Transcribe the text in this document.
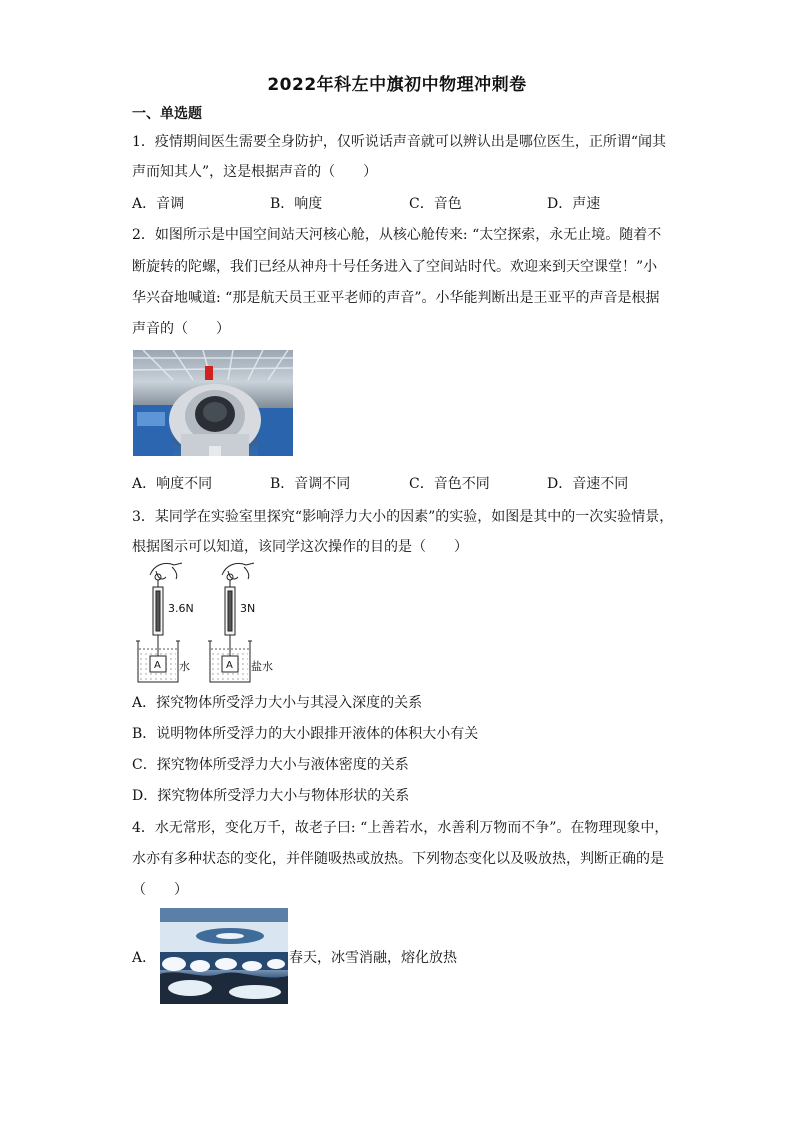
2022年科左中旗初中物理冲刺卷
一、单选题
1．疫情期间医生需要全身防护，仅听说话声音就可以辨认出是哪位医生，正所谓“闻其
声而知其人”，这是根据声音的（　　）
A．音调	B．响度	C．音色	D．声速
2．如图所示是中国空间站天河核心舱，从核心舱传来: “太空探索，永无止境。随着不
断旋转的陀螺，我们已经从神舟十号任务进入了空间站时代。欢迎来到天空课堂！”小
华兴奋地喊道: “那是航天员王亚平老师的声音”。小华能判断出是王亚平的声音是根据
声音的（　　）
A．响度不同	B．音调不同	C．音色不同	D．音速不同
3．某同学在实验室里探究“影响浮力大小的因素”的实验，如图是其中的一次实验情景，
根据图示可以知道，该同学这次操作的目的是（　　）
3.6N
A 水
3N
A 盐水
A．探究物体所受浮力大小与其浸入深度的关系
B．说明物体所受浮力的大小跟排开液体的体积大小有关
C．探究物体所受浮力大小与液体密度的关系
D．探究物体所受浮力大小与物体形状的关系
4．水无常形，变化万千，故老子曰: “上善若水，水善利万物而不争”。在物理现象中，
水亦有多种状态的变化，并伴随吸热或放热。下列物态变化以及吸放热，判断正确的是
（　　）
A．	春天，冰雪消融，熔化放热
